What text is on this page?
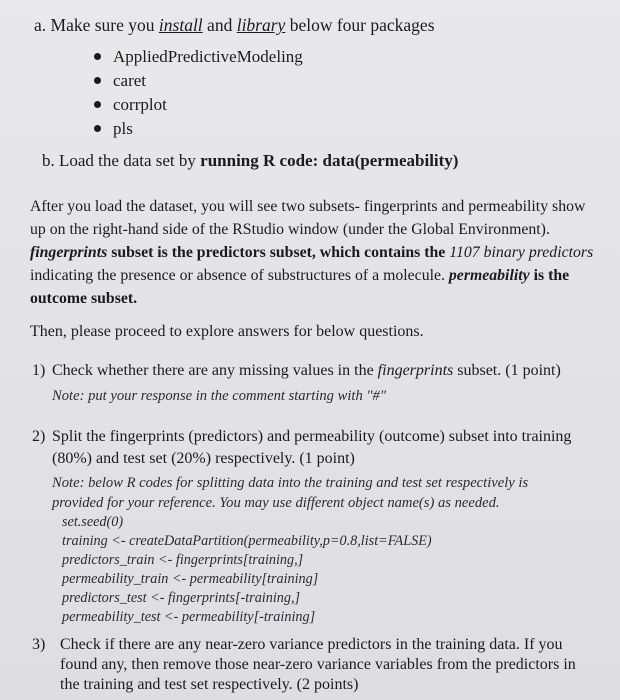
a. Make sure you install and library below four packages
AppliedPredictiveModeling
caret
corrplot
pls
b. Load the data set by running R code: data(permeability)
After you load the dataset, you will see two subsets- fingerprints and permeability show
up on the right-hand side of the RStudio window (under the Global Environment).
fingerprints subset is the predictors subset, which contains the 1107 binary predictors
indicating the presence or absence of substructures of a molecule. permeability is the
outcome subset.
Then, please proceed to explore answers for below questions.
1) Check whether there are any missing values in the fingerprints subset. (1 point)
Note: put your response in the comment starting with "#"
2) Split the fingerprints (predictors) and permeability (outcome) subset into training
(80%) and test set (20%) respectively. (1 point)
Note: below R codes for splitting data into the training and test set respectively is
provided for your reference. You may use different object name(s) as needed.
set.seed(0)
training <- createDataPartition(permeability,p=0.8,list=FALSE)
predictors_train <- fingerprints[training,]
permeability_train <- permeability[training]
predictors_test <- fingerprints[-training,]
permeability_test <- permeability[-training]
3) Check if there are any near-zero variance predictors in the training data. If you
found any, then remove those near-zero variance variables from the predictors in
the training and test set respectively. (2 points)
